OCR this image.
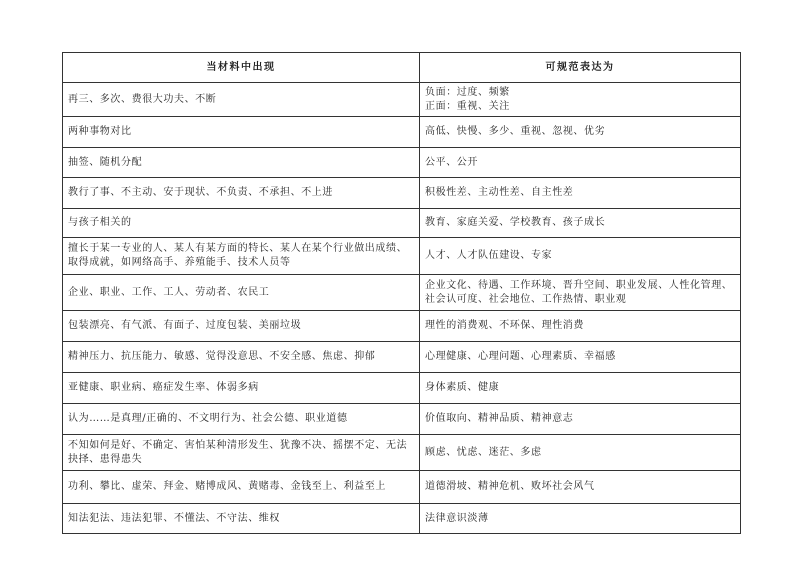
当材料中出现	可规范表达为
再三、多次、费很大功夫、不断	负面：过度、频繁
正面：重视、关注
两种事物对比	高低、快慢、多少、重视、忽视、优劣
抽签、随机分配	公平、公开
教行了事、不主动、安于现状、不负责、不承担、不上进	积极性差、主动性差、自主性差
与孩子相关的	教育、家庭关爱、学校教育、孩子成长
擅长于某一专业的人、某人有某方面的特长、某人在某个行业做出成绩、取得成就，如网络高手、养殖能手、技术人员等	人才、人才队伍建设、专家
企业、职业、工作、工人、劳动者、农民工	企业文化、待遇、工作环境、晋升空间、职业发展、人性化管理、社会认可度、社会地位、工作热情、职业观
包装漂亮、有气派、有面子、过度包装、美丽垃圾	理性的消费观、不环保、理性消费
精神压力、抗压能力、敏感、觉得没意思、不安全感、焦虑、抑郁	心理健康、心理问题、心理素质、幸福感
亚健康、职业病、癌症发生率、体弱多病	身体素质、健康
认为……是真理/正确的、不文明行为、社会公德、职业道德	价值取向、精神品质、精神意志
不知如何是好、不确定、害怕某种清形发生、犹豫不决、摇摆不定、无法抉择、患得患失	顾虑、忧虑、迷茫、多虑
功利、攀比、虚荣、拜金、赌博成风、黄赌毒、金钱至上、利益至上	道德滑坡、精神危机、败坏社会风气
知法犯法、违法犯罪、不懂法、不守法、维权	法律意识淡薄
